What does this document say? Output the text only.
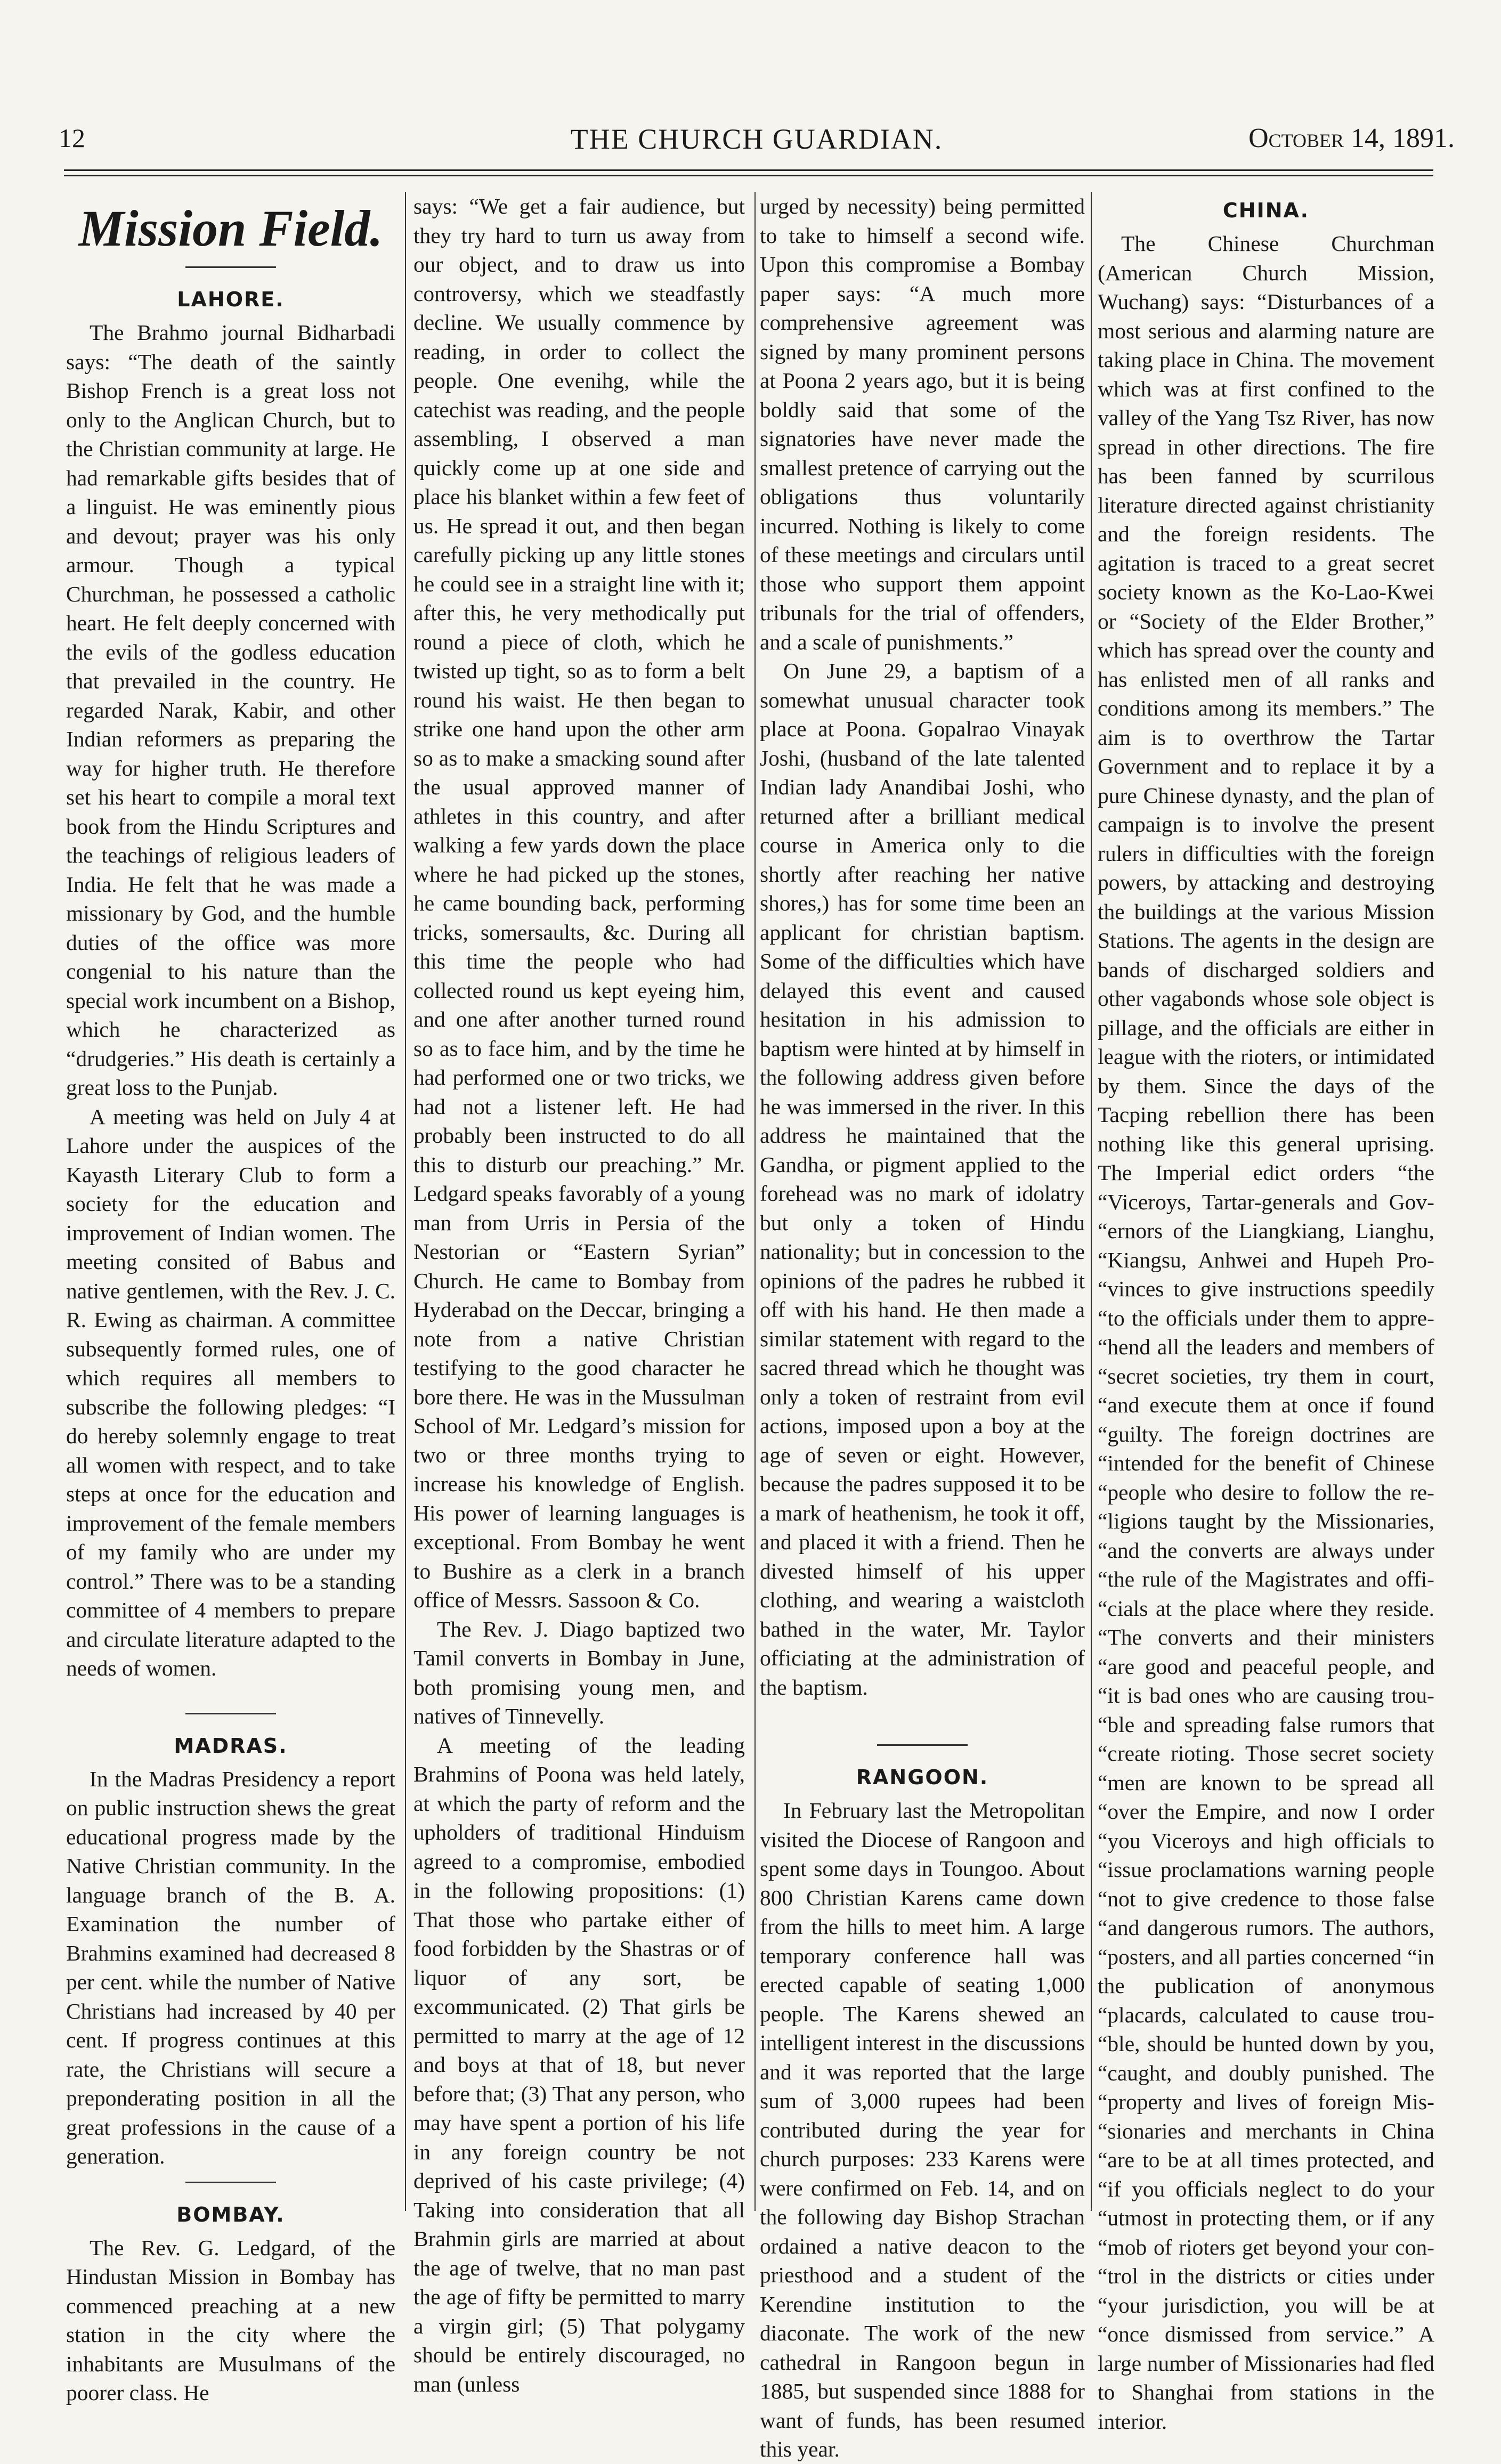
12	THE CHURCH GUARDIAN.	October 14, 1891.
Mission Field.
LAHORE.

The Brahmo journal Bidharbadi says: “The death of the saintly Bishop French is a great loss not only to the Anglican Church, but to the Christian community at large. He had remarkable gifts besides that of a linguist. He was eminently pious and devout; prayer was his only armour. Though a typical Churchman, he possessed a catholic heart. He felt deeply concerned with the evils of the godless education that prevailed in the country. He regarded Narak, Kabir, and other Indian reformers as preparing the way for higher truth. He therefore set his heart to compile a moral text book from the Hindu Scriptures and the teachings of religious leaders of India. He felt that he was made a missionary by God, and the humble duties of the office was more congenial to his nature than the special work incumbent on a Bishop, which he characterized as “drudgeries.” His death is certainly a great loss to the Punjab.

A meeting was held on July 4 at Lahore under the auspices of the Kayasth Literary Club to form a society for the education and improvement of Indian women. The meeting consited of Babus and native gentlemen, with the Rev. J. C. R. Ewing as chairman. A committee subsequently formed rules, one of which requires all members to subscribe the following pledges: “I do hereby solemnly engage to treat all women with respect, and to take steps at once for the education and improvement of the female members of my family who are under my control.” There was to be a standing committee of 4 members to prepare and circulate literature adapted to the needs of women.

MADRAS.

In the Madras Presidency a report on public instruction shews the great educational progress made by the Native Christian community. In the language branch of the B. A. Examination the number of Brahmins examined had decreased 8 per cent. while the number of Native Christians had increased by 40 per cent. If progress continues at this rate, the Christians will secure a preponderating position in all the great professions in the cause of a generation.

BOMBAY.

The Rev. G. Ledgard, of the Hindustan Mission in Bombay has commenced preaching at a new station in the city where the inhabitants are Musulmans of the poorer class. He

says: “We get a fair audience, but they try hard to turn us away from our object, and to draw us into controversy, which we steadfastly decline. We usually commence by reading, in order to collect the people. One evenihg, while the catechist was reading, and the people assembling, I observed a man quickly come up at one side and place his blanket within a few feet of us. He spread it out, and then began carefully picking up any little stones he could see in a straight line with it; after this, he very methodically put round a piece of cloth, which he twisted up tight, so as to form a belt round his waist. He then began to strike one hand upon the other arm so as to make a smacking sound after the usual approved manner of athletes in this country, and after walking a few yards down the place where he had picked up the stones, he came bounding back, performing tricks, somersaults, &c. During all this time the people who had collected round us kept eyeing him, and one after another turned round so as to face him, and by the time he had performed one or two tricks, we had not a listener left. He had probably been instructed to do all this to disturb our preaching.” Mr. Ledgard speaks favorably of a young man from Urris in Persia of the Nestorian or “Eastern Syrian” Church. He came to Bombay from Hyderabad on the Deccar, bringing a note from a native Christian testifying to the good character he bore there. He was in the Mussulman School of Mr. Ledgard’s mission for two or three months trying to increase his knowledge of English. His power of learning languages is exceptional. From Bombay he went to Bushire as a clerk in a branch office of Messrs. Sassoon & Co.

The Rev. J. Diago baptized two Tamil converts in Bombay in June, both promising young men, and natives of Tinnevelly.

A meeting of the leading Brahmins of Poona was held lately, at which the party of reform and the upholders of traditional Hinduism agreed to a compromise, embodied in the following propositions: (1) That those who partake either of food forbidden by the Shastras or of liquor of any sort, be excommunicated. (2) That girls be permitted to marry at the age of 12 and boys at that of 18, but never before that; (3) That any person, who may have spent a portion of his life in any foreign country be not deprived of his caste privilege; (4) Taking into consideration that all Brahmin girls are married at about the age of twelve, that no man past the age of fifty be permitted to marry a virgin girl; (5) That polygamy should be entirely discouraged, no man (unless

urged by necessity) being permitted to take to himself a second wife. Upon this compromise a Bombay paper says: “A much more comprehensive agreement was signed by many prominent persons at Poona 2 years ago, but it is being boldly said that some of the signatories have never made the smallest pretence of carrying out the obligations thus voluntarily incurred. Nothing is likely to come of these meetings and circulars until those who support them appoint tribunals for the trial of offenders, and a scale of punishments.”

On June 29, a baptism of a somewhat unusual character took place at Poona. Gopalrao Vinayak Joshi, (husband of the late talented Indian lady Anandibai Joshi, who returned after a brilliant medical course in America only to die shortly after reaching her native shores,) has for some time been an applicant for christian baptism. Some of the difficulties which have delayed this event and caused hesitation in his admission to baptism were hinted at by himself in the following address given before he was immersed in the river. In this address he maintained that the Gandha, or pigment applied to the forehead was no mark of idolatry but only a token of Hindu nationality; but in concession to the opinions of the padres he rubbed it off with his hand. He then made a similar statement with regard to the sacred thread which he thought was only a token of restraint from evil actions, imposed upon a boy at the age of seven or eight. However, because the padres supposed it to be a mark of heathenism, he took it off, and placed it with a friend. Then he divested himself of his upper clothing, and wearing a waistcloth bathed in the water, Mr. Taylor officiating at the administration of the baptism.

RANGOON.

In February last the Metropolitan visited the Diocese of Rangoon and spent some days in Toungoo. About 800 Christian Karens came down from the hills to meet him. A large temporary conference hall was erected capable of seating 1,000 people. The Karens shewed an intelligent interest in the discussions and it was reported that the large sum of 3,000 rupees had been contributed during the year for church purposes: 233 Karens were were confirmed on Feb. 14, and on the following day Bishop Strachan ordained a native deacon to the priesthood and a student of the Kerendine institution to the diaconate. The work of the new cathedral in Rangoon begun in 1885, but suspended since 1888 for want of funds, has been resumed this year.

CHINA.

The Chinese Churchman (American Church Mission, Wuchang) says: “Disturbances of a most serious and alarming nature are taking place in China. The movement which was at first confined to the valley of the Yang Tsz River, has now spread in other directions. The fire has been fanned by scurrilous literature directed against christianity and the foreign residents. The agitation is traced to a great secret society known as the Ko-Lao-Kwei or “Society of the Elder Brother,” which has spread over the county and has enlisted men of all ranks and conditions among its members.” The aim is to overthrow the Tartar Government and to replace it by a pure Chinese dynasty, and the plan of campaign is to involve the present rulers in difficulties with the foreign powers, by attacking and destroying the buildings at the various Mission Stations. The agents in the design are bands of discharged soldiers and other vagabonds whose sole object is pillage, and the officials are either in league with the rioters, or intimidated by them. Since the days of the Tacping rebellion there has been nothing like this general uprising. The Imperial edict orders “the “Viceroys, Tartar-generals and Gov- “ernors of the Liangkiang, Lianghu, “Kiangsu, Anhwei and Hupeh Pro- “vinces to give instructions speedily “to the officials under them to appre- “hend all the leaders and members of “secret societies, try them in court, “and execute them at once if found “guilty. The foreign doctrines are “intended for the benefit of Chinese “people who desire to follow the re- “ligions taught by the Missionaries, “and the converts are always under “the rule of the Magistrates and offi- “cials at the place where they reside. “The converts and their ministers “are good and peaceful people, and “it is bad ones who are causing trou- “ble and spreading false rumors that “create rioting. Those secret society “men are known to be spread all “over the Empire, and now I order “you Viceroys and high officials to “issue proclamations warning people “not to give credence to those false “and dangerous rumors. The authors, “posters, and all parties concerned “in the publication of anonymous “placards, calculated to cause trou- “ble, should be hunted down by you, “caught, and doubly punished. The “property and lives of foreign Mis- “sionaries and merchants in China “are to be at all times protected, and “if you officials neglect to do your “utmost in protecting them, or if any “mob of rioters get beyond your con- “trol in the districts or cities under “your jurisdiction, you will be at “once dismissed from service.” A large number of Missionaries had fled to Shanghai from stations in the interior.
